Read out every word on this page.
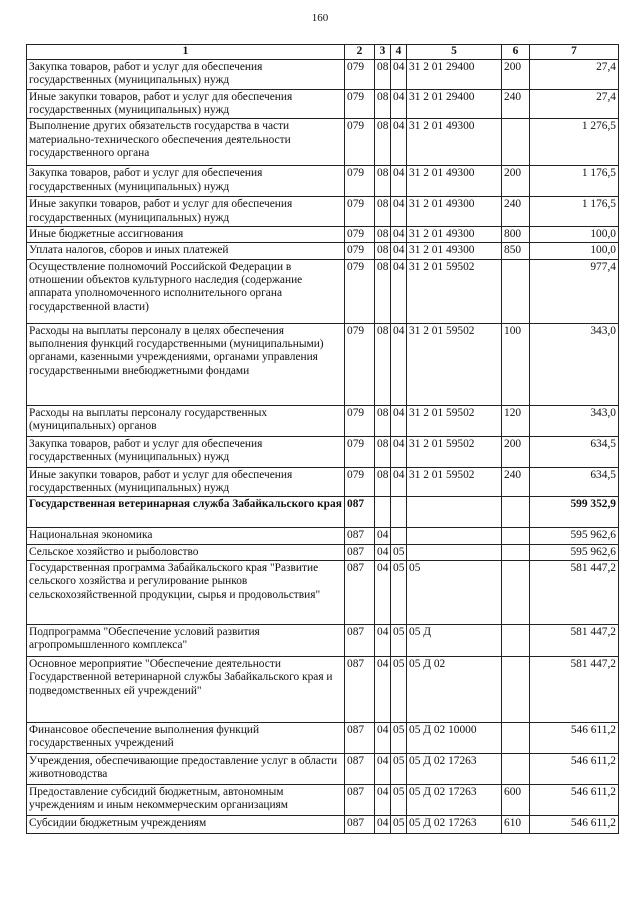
160
1	2	3	4	5	6	7
Закупка товаров, работ и услуг для обеспечения государственных (муниципальных) нужд	079	08	04	31 2 01 29400	200	27,4
Иные закупки товаров, работ и услуг для обеспечения государственных (муниципальных) нужд	079	08	04	31 2 01 29400	240	27,4
Выполнение других обязательств государства в части материально-технического обеспечения деятельности государственного органа	079	08	04	31 2 01 49300		1 276,5
Закупка товаров, работ и услуг для обеспечения государственных (муниципальных) нужд	079	08	04	31 2 01 49300	200	1 176,5
Иные закупки товаров, работ и услуг для обеспечения государственных (муниципальных) нужд	079	08	04	31 2 01 49300	240	1 176,5
Иные бюджетные ассигнования	079	08	04	31 2 01 49300	800	100,0
Уплата налогов, сборов и иных платежей	079	08	04	31 2 01 49300	850	100,0
Осуществление полномочий Российской Федерации в отношении объектов культурного наследия (содержание аппарата уполномоченного исполнительного органа государственной власти)	079	08	04	31 2 01 59502		977,4
Расходы на выплаты персоналу в целях обеспечения выполнения функций государственными (муниципальными) органами, казенными учреждениями, органами управления государственными внебюджетными фондами	079	08	04	31 2 01 59502	100	343,0
Расходы на выплаты персоналу государственных (муниципальных) органов	079	08	04	31 2 01 59502	120	343,0
Закупка товаров, работ и услуг для обеспечения государственных (муниципальных) нужд	079	08	04	31 2 01 59502	200	634,5
Иные закупки товаров, работ и услуг для обеспечения государственных (муниципальных) нужд	079	08	04	31 2 01 59502	240	634,5
Государственная ветеринарная служба Забайкальского края	087					599 352,9
Национальная экономика	087	04				595 962,6
Сельское хозяйство и рыболовство	087	04	05			595 962,6
Государственная программа Забайкальского края "Развитие сельского хозяйства и регулирование рынков сельскохозяйственной продукции, сырья и продовольствия"	087	04	05	05		581 447,2
Подпрограмма "Обеспечение условий развития агропромышленного комплекса"	087	04	05	05 Д		581 447,2
Основное мероприятие "Обеспечение деятельности Государственной ветеринарной службы Забайкальского края и подведомственных ей учреждений"	087	04	05	05 Д 02		581 447,2
Финансовое обеспечение выполнения функций государственных учреждений	087	04	05	05 Д 02 10000		546 611,2
Учреждения, обеспечивающие предоставление услуг в области животноводства	087	04	05	05 Д 02 17263		546 611,2
Предоставление субсидий бюджетным, автономным учреждениям и иным некоммерческим организациям	087	04	05	05 Д 02 17263	600	546 611,2
Субсидии бюджетным учреждениям	087	04	05	05 Д 02 17263	610	546 611,2
